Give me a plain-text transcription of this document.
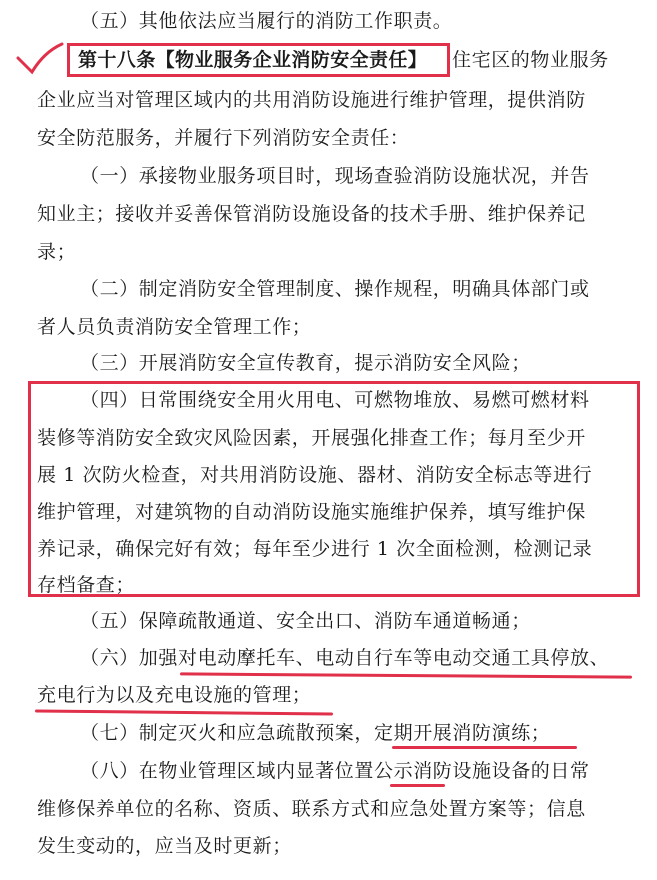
（五）其他依法应当履行的消防工作职责。
第十八条【物业服务企业消防安全责任】 住宅区的物业服务
企业应当对管理区域内的共用消防设施进行维护管理，提供消防
安全防范服务，并履行下列消防安全责任：
（一）承接物业服务项目时，现场查验消防设施状况，并告
知业主；接收并妥善保管消防设施设备的技术手册、维护保养记
录；
（二）制定消防安全管理制度、操作规程，明确具体部门或
者人员负责消防安全管理工作；
（三）开展消防安全宣传教育，提示消防安全风险；
（四）日常围绕安全用火用电、可燃物堆放、易燃可燃材料
装修等消防安全致灾风险因素，开展强化排查工作；每月至少开
展 1 次防火检查，对共用消防设施、器材、消防安全标志等进行
维护管理，对建筑物的自动消防设施实施维护保养，填写维护保
养记录，确保完好有效；每年至少进行 1 次全面检测，检测记录
存档备查；
（五）保障疏散通道、安全出口、消防车通道畅通；
（六）加强对电动摩托车、电动自行车等电动交通工具停放、
充电行为以及充电设施的管理；
（七）制定灭火和应急疏散预案，定期开展消防演练；
（八）在物业管理区域内显著位置公示消防设施设备的日常
维修保养单位的名称、资质、联系方式和应急处置方案等；信息
发生变动的，应当及时更新；
